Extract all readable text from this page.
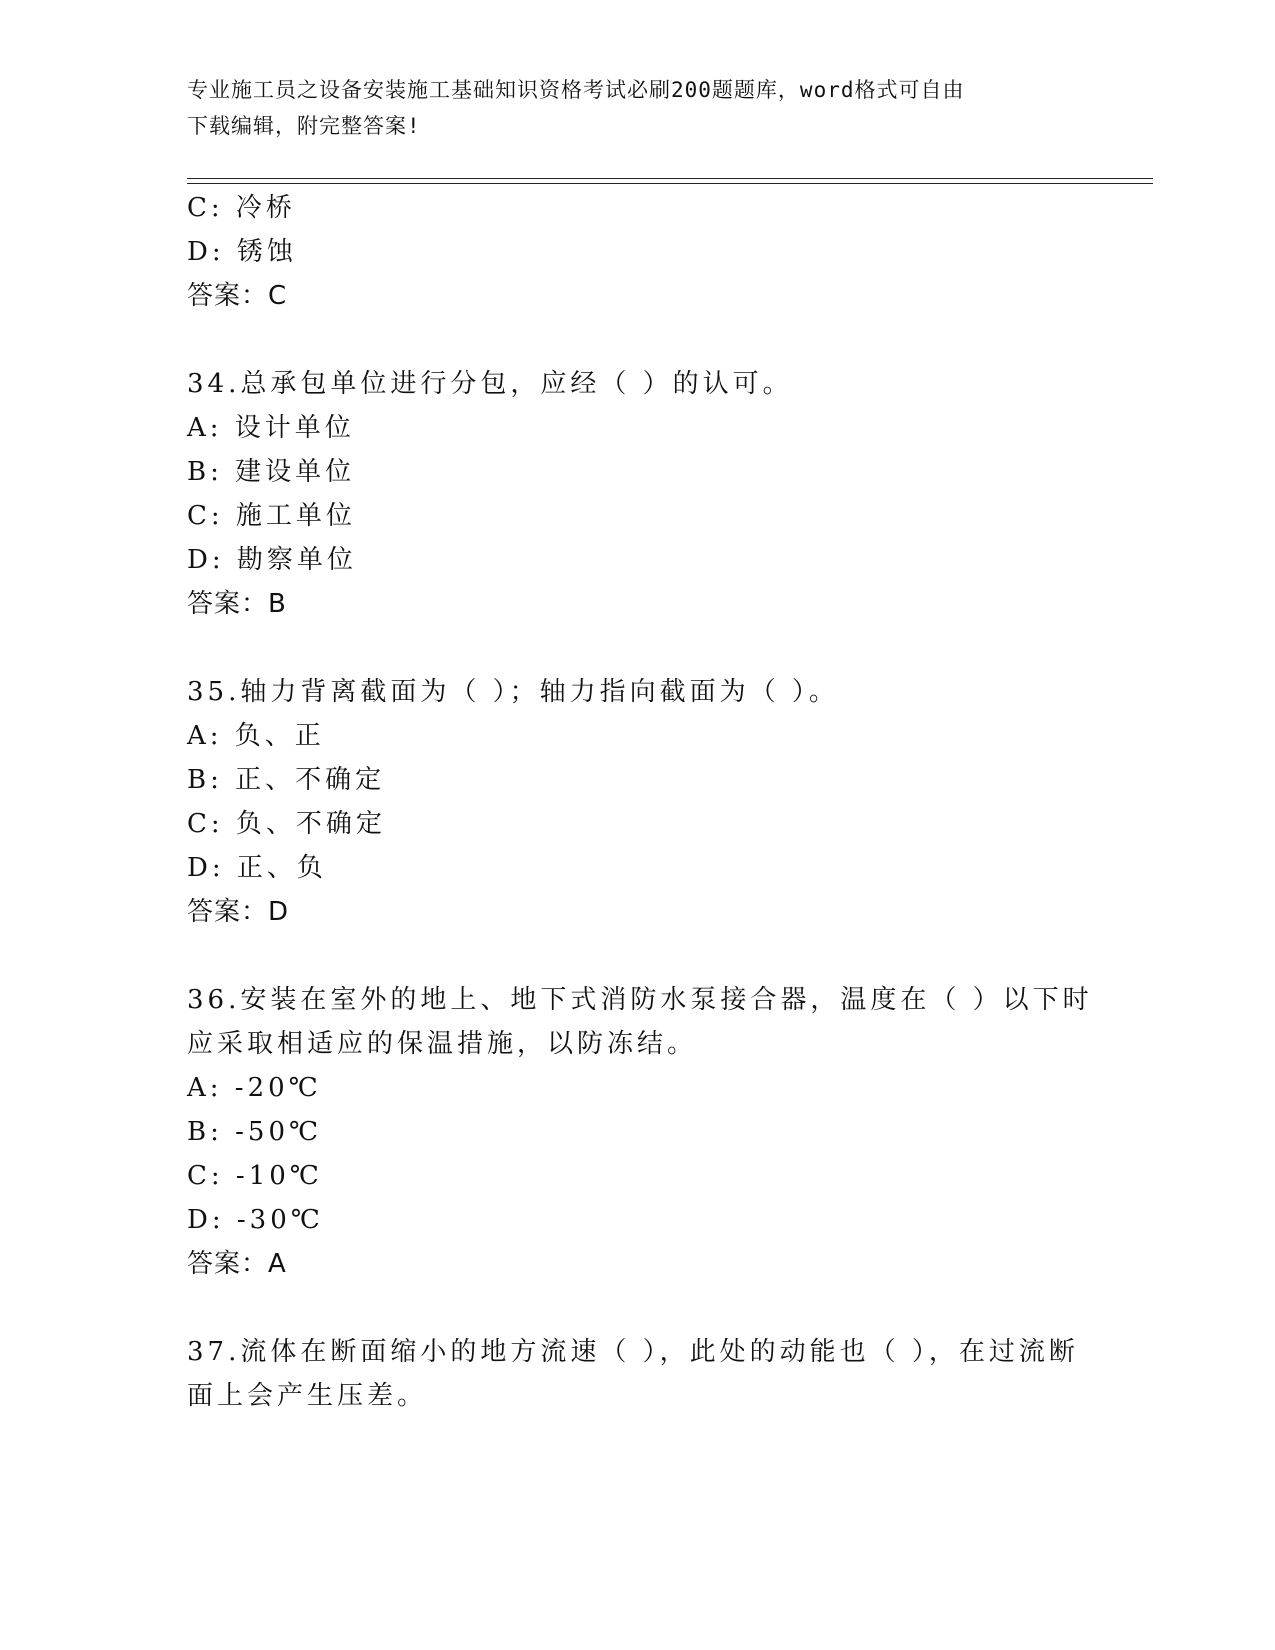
专业施工员之设备安装施工基础知识资格考试必刷200题题库，word格式可自由
下载编辑，附完整答案!
C: 冷桥
D: 锈蚀
答案：C
34.总承包单位进行分包，应经（ ）的认可。
A: 设计单位
B: 建设单位
C: 施工单位
D: 勘察单位
答案：B
35.轴力背离截面为（ ）；轴力指向截面为（ ）。
A: 负、正
B: 正、不确定
C: 负、不确定
D: 正、负
答案：D
36.安装在室外的地上、地下式消防水泵接合器，温度在（ ）以下时
应采取相适应的保温措施，以防冻结。
A: -20℃
B: -50℃
C: -10℃
D: -30℃
答案：A
37.流体在断面缩小的地方流速（ ），此处的动能也（ ），在过流断
面上会产生压差。
